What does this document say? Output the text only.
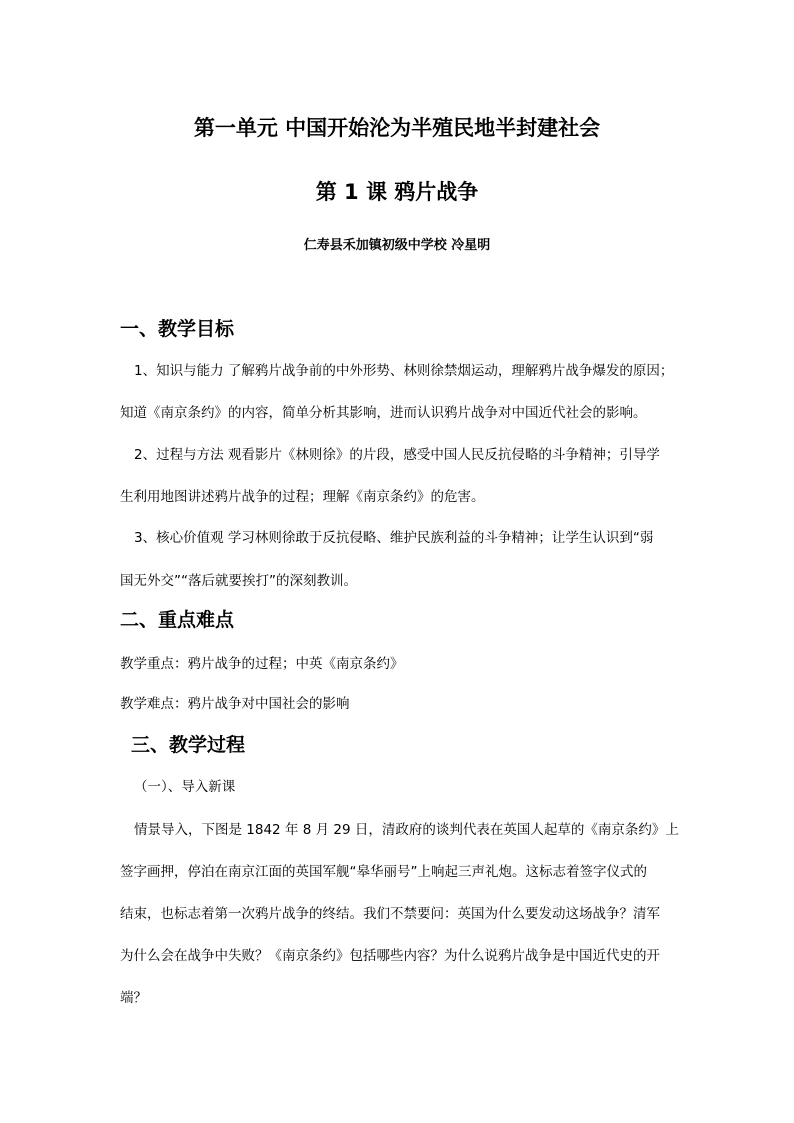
第一单元 中国开始沦为半殖民地半封建社会
第 1 课 鸦片战争
仁寿县禾加镇初级中学校 冷星明
一、教学目标
1、知识与能力 了解鸦片战争前的中外形势、林则徐禁烟运动，理解鸦片战争爆发的原因；
知道《南京条约》的内容，简单分析其影响，进而认识鸦片战争对中国近代社会的影响。
2、过程与方法 观看影片《林则徐》的片段，感受中国人民反抗侵略的斗争精神；引导学
生利用地图讲述鸦片战争的过程；理解《南京条约》的危害。
3、核心价值观 学习林则徐敢于反抗侵略、维护民族利益的斗争精神；让学生认识到“弱
国无外交”“落后就要挨打”的深刻教训。
二、重点难点
教学重点：鸦片战争的过程；中英《南京条约》
教学难点：鸦片战争对中国社会的影响
三、教学过程
（一）、导入新课
情景导入，下图是 1842 年 8 月 29 日，清政府的谈判代表在英国人起草的《南京条约》上
签字画押，停泊在南京江面的英国军舰“皋华丽号”上响起三声礼炮。这标志着签字仪式的
结束，也标志着第一次鸦片战争的终结。我们不禁要问：英国为什么要发动这场战争？清军
为什么会在战争中失败？《南京条约》包括哪些内容？为什么说鸦片战争是中国近代史的开
端？
